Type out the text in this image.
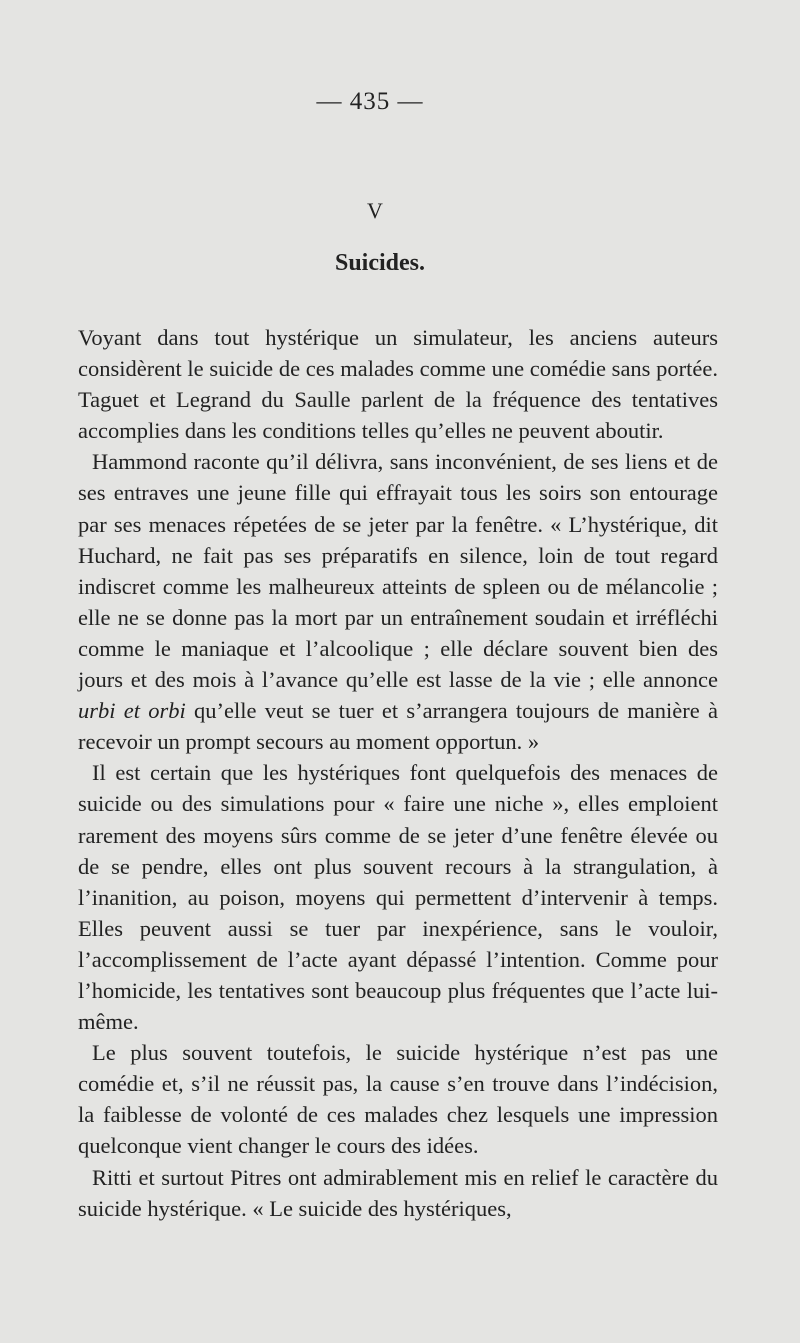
— 435 —
V
Suicides.

Voyant dans tout hystérique un simulateur, les anciens auteurs considèrent le suicide de ces malades comme une comédie sans portée. Taguet et Legrand du Saulle parlent de la fréquence des tentatives accomplies dans les conditions telles qu’elles ne peuvent aboutir.

Hammond raconte qu’il délivra, sans inconvénient, de ses liens et de ses entraves une jeune fille qui effrayait tous les soirs son entourage par ses menaces répetées de se jeter par la fenêtre. « L’hystérique, dit Huchard, ne fait pas ses préparatifs en silence, loin de tout regard indiscret comme les malheureux atteints de spleen ou de mélancolie ; elle ne se donne pas la mort par un entraînement soudain et irréfléchi comme le maniaque et l’alcoolique ; elle déclare souvent bien des jours et des mois à l’avance qu’elle est lasse de la vie ; elle annonce urbi et orbi qu’elle veut se tuer et s’arrangera toujours de manière à recevoir un prompt secours au moment opportun. »

Il est certain que les hystériques font quelquefois des menaces de suicide ou des simulations pour « faire une niche », elles emploient rarement des moyens sûrs comme de se jeter d’une fenêtre élevée ou de se pendre, elles ont plus souvent recours à la strangulation, à l’inanition, au poison, moyens qui permettent d’intervenir à temps. Elles peuvent aussi se tuer par inexpérience, sans le vouloir, l’accomplissement de l’acte ayant dépassé l’intention. Comme pour l’homicide, les tentatives sont beaucoup plus fréquentes que l’acte lui-même.

Le plus souvent toutefois, le suicide hystérique n’est pas une comédie et, s’il ne réussit pas, la cause s’en trouve dans l’indécision, la faiblesse de volonté de ces malades chez lesquels une impression quelconque vient changer le cours des idées.

Ritti et surtout Pitres ont admirablement mis en relief le caractère du suicide hystérique. « Le suicide des hystériques,
